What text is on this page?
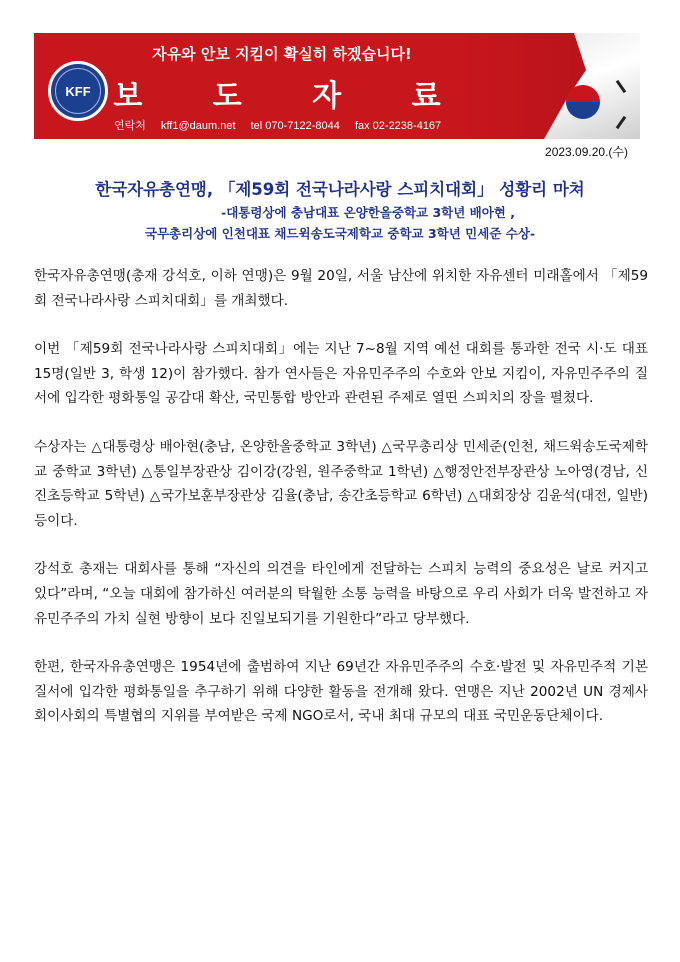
KFF
자유와 안보 지킴이 확실히 하겠습니다!
보 도 자 료
연락처 kff1@daum.net tel 070-7122-8044 fax 02-2238-4167
2023.09.20.(수)
한국자유총연맹, 「제59회 전국나라사랑 스피치대회」 성황리 마쳐
-대통령상에 충남대표 온양한올중학교 3학년 배아현 ,
국무총리상에 인천대표 채드윅송도국제학교 중학교 3학년 민세준 수상-

한국자유총연맹(총재 강석호, 이하 연맹)은 9월 20일, 서울 남산에 위치한 자유센터 미래홀에서 「제59회 전국나라사랑 스피치대회」를 개최했다.

이번 「제59회 전국나라사랑 스피치대회」에는 지난 7~8월 지역 예선 대회를 통과한 전국 시·도 대표 15명(일반 3, 학생 12)이 참가했다. 참가 연사들은 자유민주주의 수호와 안보 지킴이, 자유민주주의 질서에 입각한 평화통일 공감대 확산, 국민통합 방안과 관련된 주제로 열띤 스피치의 장을 펼쳤다.

수상자는 △대통령상 배아현(충남, 온양한올중학교 3학년) △국무총리상 민세준(인천, 채드윅송도국제학교 중학교 3학년) △통일부장관상 김이강(강원, 원주중학교 1학년) △행정안전부장관상 노아영(경남, 신진초등학교 5학년) △국가보훈부장관상 김율(충남, 송간초등학교 6학년) △대회장상 김윤석(대전, 일반) 등이다.

강석호 총재는 대회사를 통해 “자신의 의견을 타인에게 전달하는 스피치 능력의 중요성은 날로 커지고 있다”라며, “오늘 대회에 참가하신 여러분의 탁월한 소통 능력을 바탕으로 우리 사회가 더욱 발전하고 자유민주주의 가치 실현 방향이 보다 진일보되기를 기원한다”라고 당부했다.

한편, 한국자유총연맹은 1954년에 출범하여 지난 69년간 자유민주주의 수호·발전 및 자유민주적 기본질서에 입각한 평화통일을 추구하기 위해 다양한 활동을 전개해 왔다. 연맹은 지난 2002년 UN 경제사회이사회의 특별협의 지위를 부여받은 국제 NGO로서, 국내 최대 규모의 대표 국민운동단체이다.
